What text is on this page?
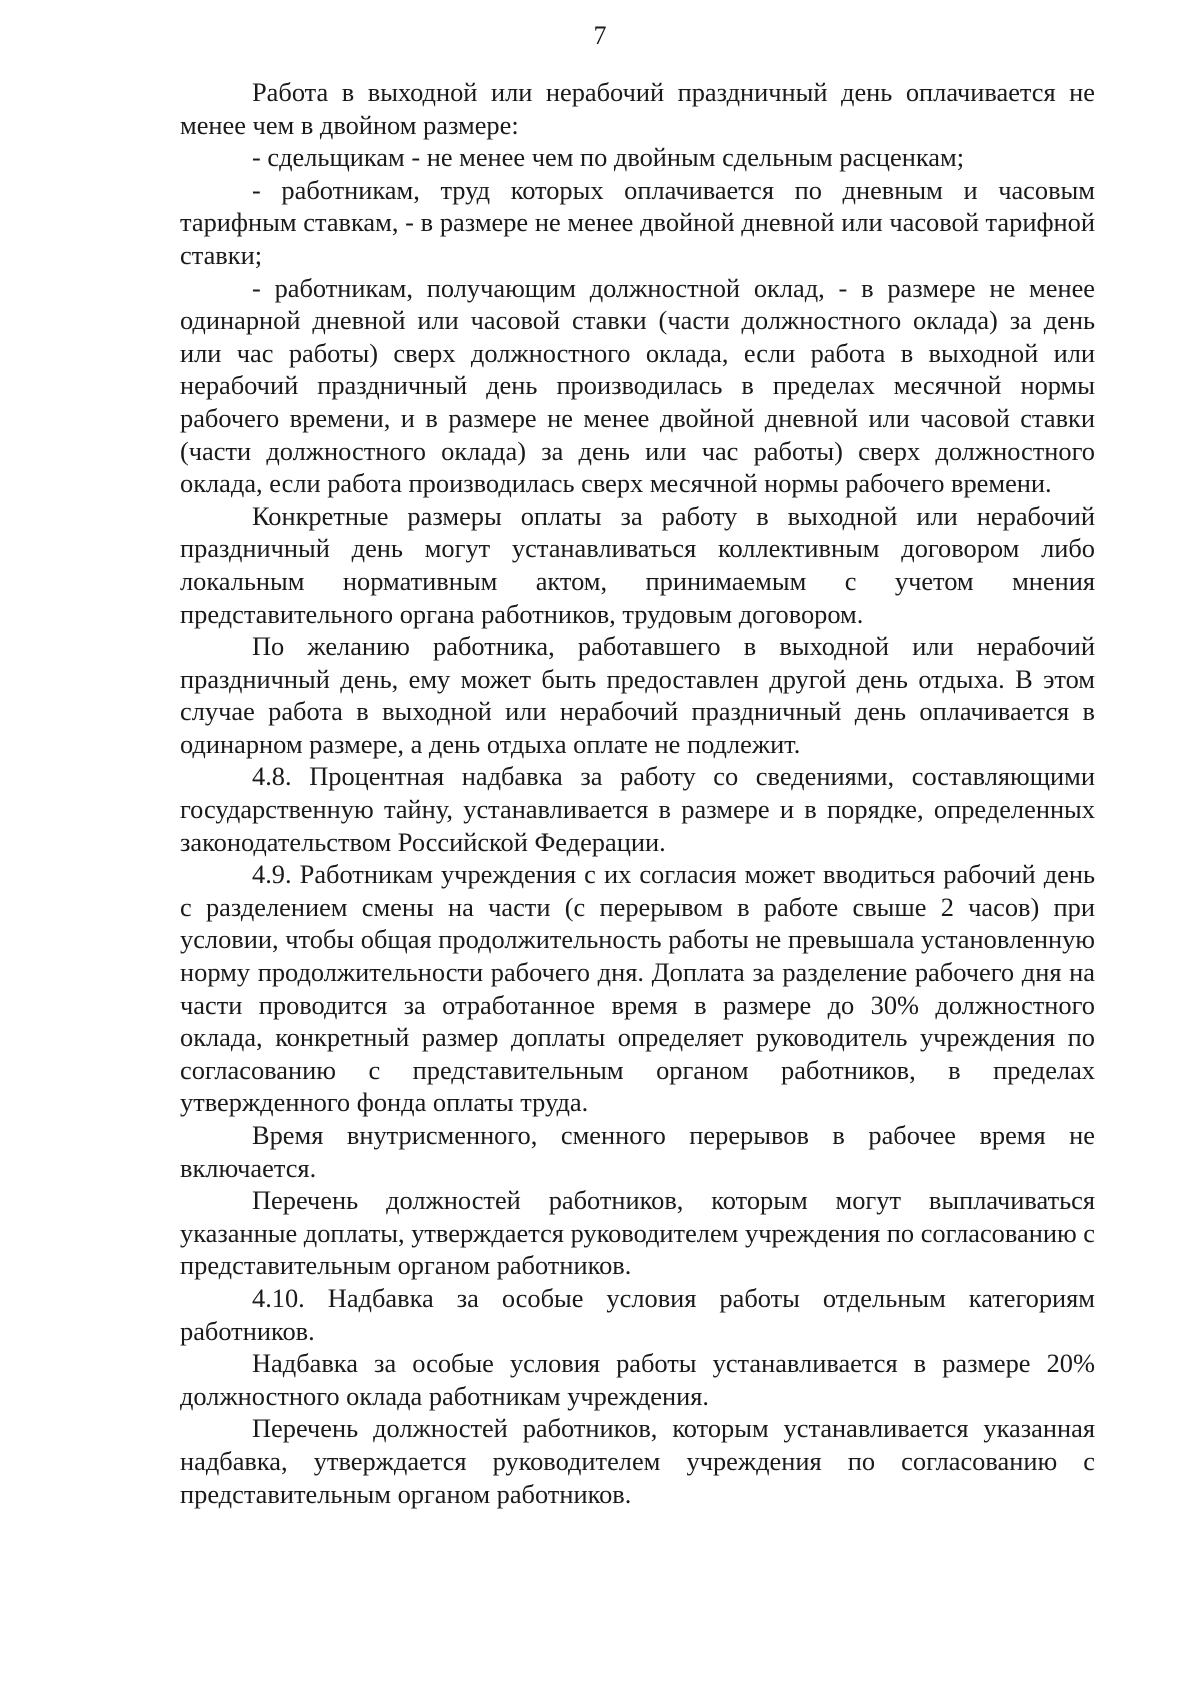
7

Работа в выходной или нерабочий праздничный день оплачивается не менее чем в двойном размере:

- сдельщикам - не менее чем по двойным сдельным расценкам;

- работникам, труд которых оплачивается по дневным и часовым тарифным ставкам, - в размере не менее двойной дневной или часовой тарифной ставки;

- работникам, получающим должностной оклад, - в размере не менее одинарной дневной или часовой ставки (части должностного оклада) за день или час работы) сверх должностного оклада, если работа в выходной или нерабочий праздничный день производилась в пределах месячной нормы рабочего времени, и в размере не менее двойной дневной или часовой ставки (части должностного оклада) за день или час работы) сверх должностного оклада, если работа производилась сверх месячной нормы рабочего времени.

Конкретные размеры оплаты за работу в выходной или нерабочий праздничный день могут устанавливаться коллективным договором либо локальным нормативным актом, принимаемым с учетом мнения представительного органа работников, трудовым договором.

По желанию работника, работавшего в выходной или нерабочий праздничный день, ему может быть предоставлен другой день отдыха. В этом случае работа в выходной или нерабочий праздничный день оплачивается в одинарном размере, а день отдыха оплате не подлежит.

4.8. Процентная надбавка за работу со сведениями, составляющими государственную тайну, устанавливается в размере и в порядке, определенных законодательством Российской Федерации.

4.9. Работникам учреждения с их согласия может вводиться рабочий день с разделением смены на части (с перерывом в работе свыше 2 часов) при условии, чтобы общая продолжительность работы не превышала установленную норму продолжительности рабочего дня. Доплата за разделение рабочего дня на части проводится за отработанное время в размере до 30% должностного оклада, конкретный размер доплаты определяет руководитель учреждения по согласованию с представительным органом работников, в пределах утвержденного фонда оплаты труда.

Время внутрисменного, сменного перерывов в рабочее время не включается.

Перечень должностей работников, которым могут выплачиваться указанные доплаты, утверждается руководителем учреждения по согласованию с представительным органом работников.

4.10. Надбавка за особые условия работы отдельным категориям работников.

Надбавка за особые условия работы устанавливается в размере 20% должностного оклада работникам учреждения.

Перечень должностей работников, которым устанавливается указанная надбавка, утверждается руководителем учреждения по согласованию с представительным органом работников.
